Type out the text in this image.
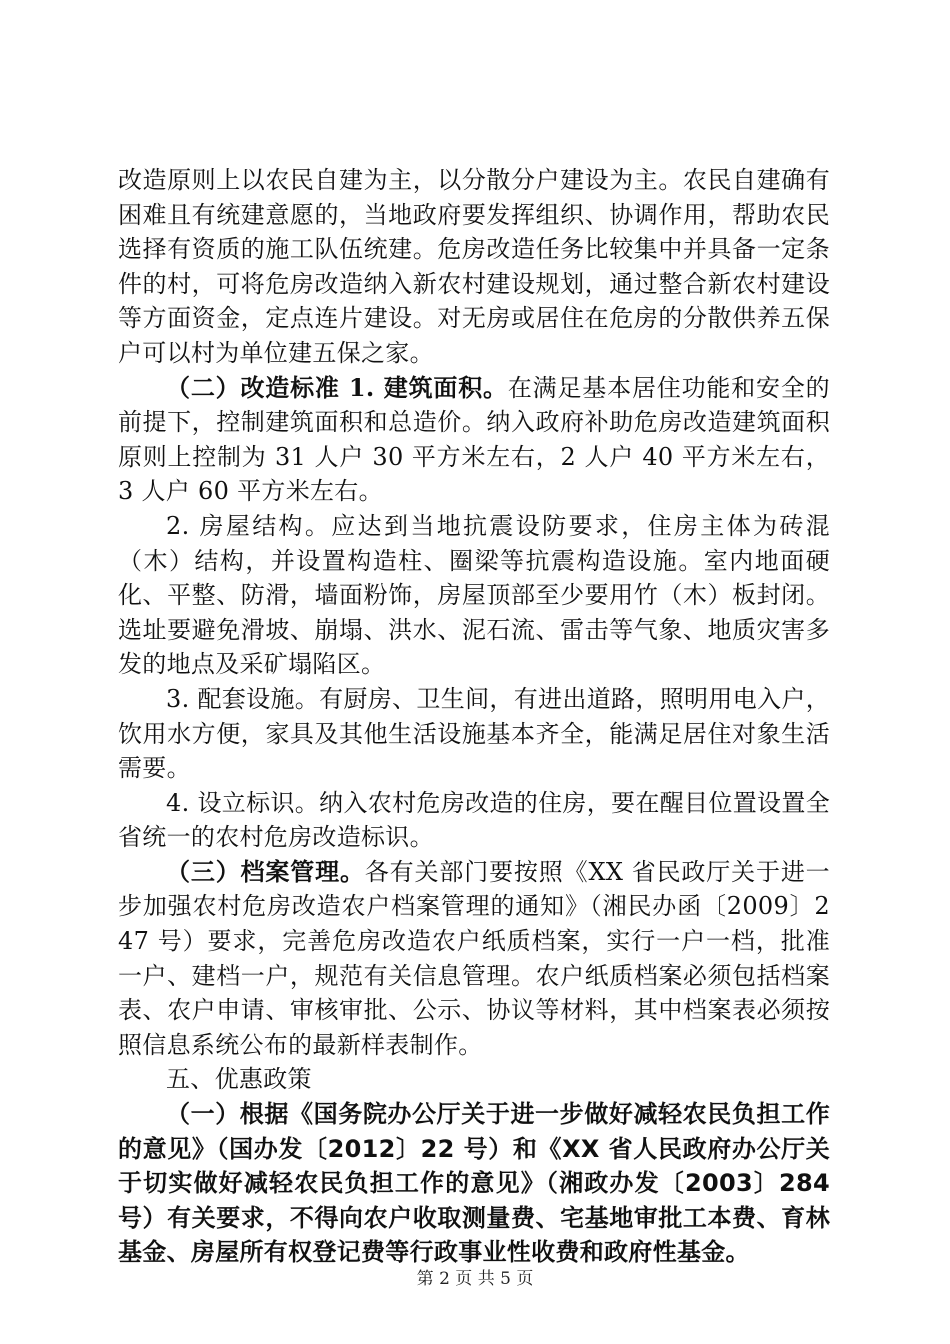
改造原则上以农民自建为主，以分散分户建设为主。农民自建确有困难且有统建意愿的，当地政府要发挥组织、协调作用，帮助农民选择有资质的施工队伍统建。危房改造任务比较集中并具备一定条件的村，可将危房改造纳入新农村建设规划，通过整合新农村建设等方面资金，定点连片建设。对无房或居住在危房的分散供养五保户可以村为单位建五保之家。

（二）改造标准 1. 建筑面积。在满足基本居住功能和安全的前提下，控制建筑面积和总造价。纳入政府补助危房改造建筑面积原则上控制为 31 人户 30 平方米左右，2 人户 40 平方米左右，3 人户 60 平方米左右。

2. 房屋结构。应达到当地抗震设防要求，住房主体为砖混（木）结构，并设置构造柱、圈梁等抗震构造设施。室内地面硬化、平整、防滑，墙面粉饰，房屋顶部至少要用竹（木）板封闭。选址要避免滑坡、崩塌、洪水、泥石流、雷击等气象、地质灾害多发的地点及采矿塌陷区。

3. 配套设施。有厨房、卫生间，有进出道路，照明用电入户，饮用水方便，家具及其他生活设施基本齐全，能满足居住对象生活需要。

4. 设立标识。纳入农村危房改造的住房，要在醒目位置设置全省统一的农村危房改造标识。

（三）档案管理。各有关部门要按照《XX 省民政厅关于进一步加强农村危房改造农户档案管理的通知》（湘民办函〔2009〕247 号）要求，完善危房改造农户纸质档案，实行一户一档，批准一户、建档一户，规范有关信息管理。农户纸质档案必须包括档案表、农户申请、审核审批、公示、协议等材料，其中档案表必须按照信息系统公布的最新样表制作。

五、优惠政策

（一）根据《国务院办公厅关于进一步做好减轻农民负担工作的意见》（国办发〔2012〕22 号）和《XX 省人民政府办公厅关于切实做好减轻农民负担工作的意见》（湘政办发〔2003〕284 号）有关要求，不得向农户收取测量费、宅基地审批工本费、育林基金、房屋所有权登记费等行政事业性收费和政府性基金。

第 2 页 共 5 页
